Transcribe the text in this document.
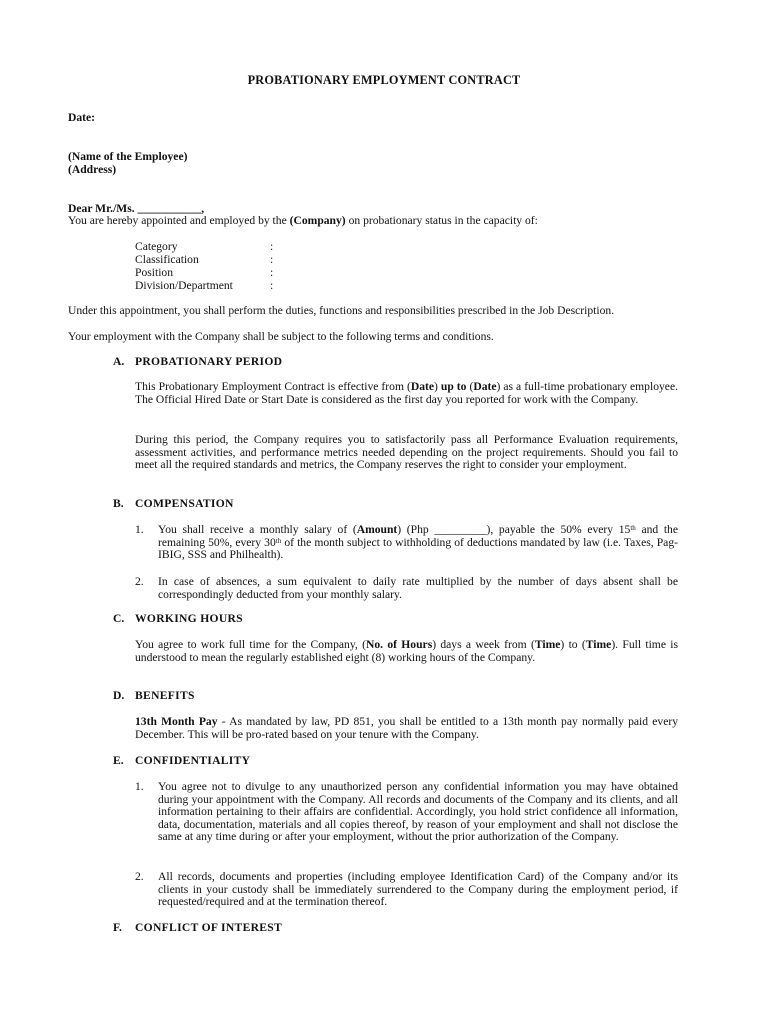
PROBATIONARY EMPLOYMENT CONTRACT
Date:
(Name of the Employee)
(Address)
Dear Mr./Ms. ___________,
You are hereby appointed and employed by the (Company) on probationary status in the capacity of:
Category	:
Classification	:
Position	:
Division/Department	:
Under this appointment, you shall perform the duties, functions and responsibilities prescribed in the Job Description.
Your employment with the Company shall be subject to the following terms and conditions.
A. PROBATIONARY PERIOD
This Probationary Employment Contract is effective from (Date) up to (Date) as a full-time probationary employee. The Official Hired Date or Start Date is considered as the first day you reported for work with the Company.
During this period, the Company requires you to satisfactorily pass all Performance Evaluation requirements, assessment activities, and performance metrics needed depending on the project requirements. Should you fail to meet all the required standards and metrics, the Company reserves the right to consider your employment.
B. COMPENSATION
1. You shall receive a monthly salary of (Amount) (Php _________), payable the 50% every 15th and the remaining 50%, every 30th of the month subject to withholding of deductions mandated by law (i.e. Taxes, Pag-IBIG, SSS and Philhealth).
2. In case of absences, a sum equivalent to daily rate multiplied by the number of days absent shall be correspondingly deducted from your monthly salary.
C. WORKING HOURS
You agree to work full time for the Company, (No. of Hours) days a week from (Time) to (Time). Full time is understood to mean the regularly established eight (8) working hours of the Company.
D. BENEFITS
13th Month Pay - As mandated by law, PD 851, you shall be entitled to a 13th month pay normally paid every December. This will be pro-rated based on your tenure with the Company.
E. CONFIDENTIALITY
1. You agree not to divulge to any unauthorized person any confidential information you may have obtained during your appointment with the Company. All records and documents of the Company and its clients, and all information pertaining to their affairs are confidential. Accordingly, you hold strict confidence all information, data, documentation, materials and all copies thereof, by reason of your employment and shall not disclose the same at any time during or after your employment, without the prior authorization of the Company.
2. All records, documents and properties (including employee Identification Card) of the Company and/or its clients in your custody shall be immediately surrendered to the Company during the employment period, if requested/required and at the termination thereof.
F. CONFLICT OF INTEREST
